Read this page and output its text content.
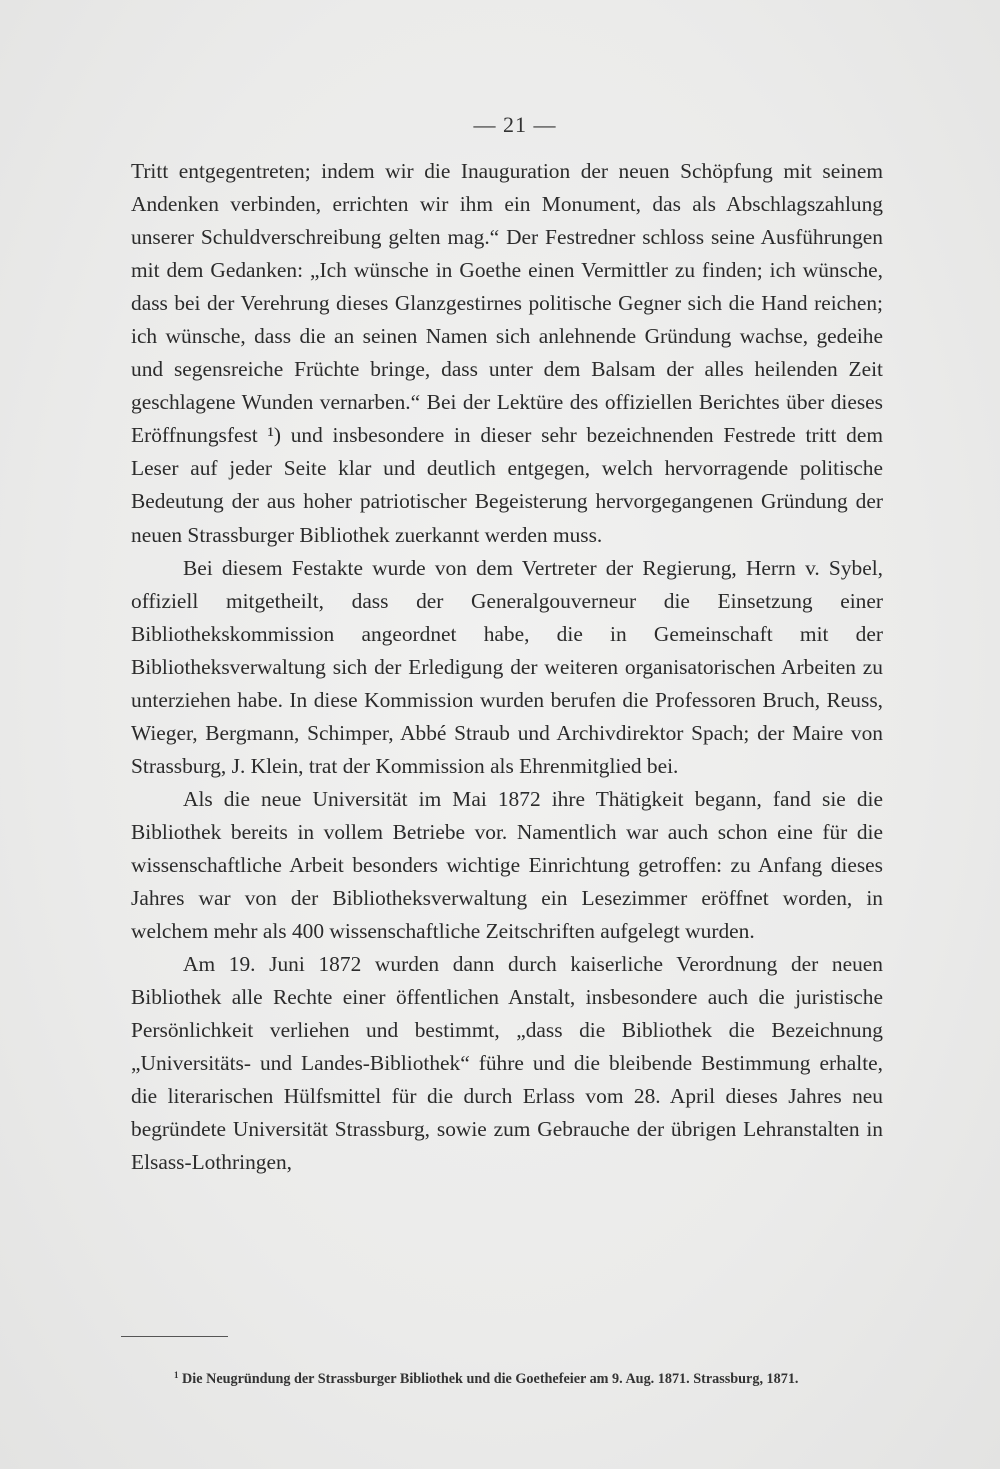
— 21 —

Tritt entgegentreten; indem wir die Inauguration der neuen Schöpfung mit seinem Andenken verbinden, errichten wir ihm ein Monument, das als Abschlagszahlung unserer Schuldverschreibung gelten mag.“ Der Festredner schloss seine Ausführungen mit dem Gedanken: „Ich wünsche in Goethe einen Vermittler zu finden; ich wünsche, dass bei der Verehrung dieses Glanzgestirnes politische Gegner sich die Hand reichen; ich wünsche, dass die an seinen Namen sich anlehnende Gründung wachse, gedeihe und segensreiche Früchte bringe, dass unter dem Balsam der alles heilenden Zeit geschlagene Wunden vernarben.“ Bei der Lektüre des offiziellen Berichtes über dieses Eröffnungsfest ¹) und insbesondere in dieser sehr bezeichnenden Festrede tritt dem Leser auf jeder Seite klar und deutlich entgegen, welch hervorragende politische Bedeutung der aus hoher patriotischer Begeisterung hervorgegangenen Gründung der neuen Strassburger Bibliothek zuerkannt werden muss.

Bei diesem Festakte wurde von dem Vertreter der Regierung, Herrn v. Sybel, offiziell mitgetheilt, dass der Generalgouverneur die Einsetzung einer Bibliothekskommission angeordnet habe, die in Gemeinschaft mit der Bibliotheksverwaltung sich der Erledigung der weiteren organisatorischen Arbeiten zu unterziehen habe. In diese Kommission wurden berufen die Professoren Bruch, Reuss, Wieger, Bergmann, Schimper, Abbé Straub und Archivdirektor Spach; der Maire von Strassburg, J. Klein, trat der Kommission als Ehrenmitglied bei.

Als die neue Universität im Mai 1872 ihre Thätigkeit begann, fand sie die Bibliothek bereits in vollem Betriebe vor. Namentlich war auch schon eine für die wissenschaftliche Arbeit besonders wichtige Einrichtung getroffen: zu Anfang dieses Jahres war von der Bibliotheksverwaltung ein Lesezimmer eröffnet worden, in welchem mehr als 400 wissenschaftliche Zeitschriften aufgelegt wurden.

Am 19. Juni 1872 wurden dann durch kaiserliche Verordnung der neuen Bibliothek alle Rechte einer öffentlichen Anstalt, insbesondere auch die juristische Persönlichkeit verliehen und bestimmt, „dass die Bibliothek die Bezeichnung „Universitäts- und Landes-Bibliothek“ führe und die bleibende Bestimmung erhalte, die literarischen Hülfsmittel für die durch Erlass vom 28. April dieses Jahres neu begründete Universität Strassburg, sowie zum Gebrauche der übrigen Lehranstalten in Elsass-Lothringen,

$^1$ Die Neugründung der Strassburger Bibliothek und die Goethefeier am 9. Aug. 1871. Strassburg, 1871.
